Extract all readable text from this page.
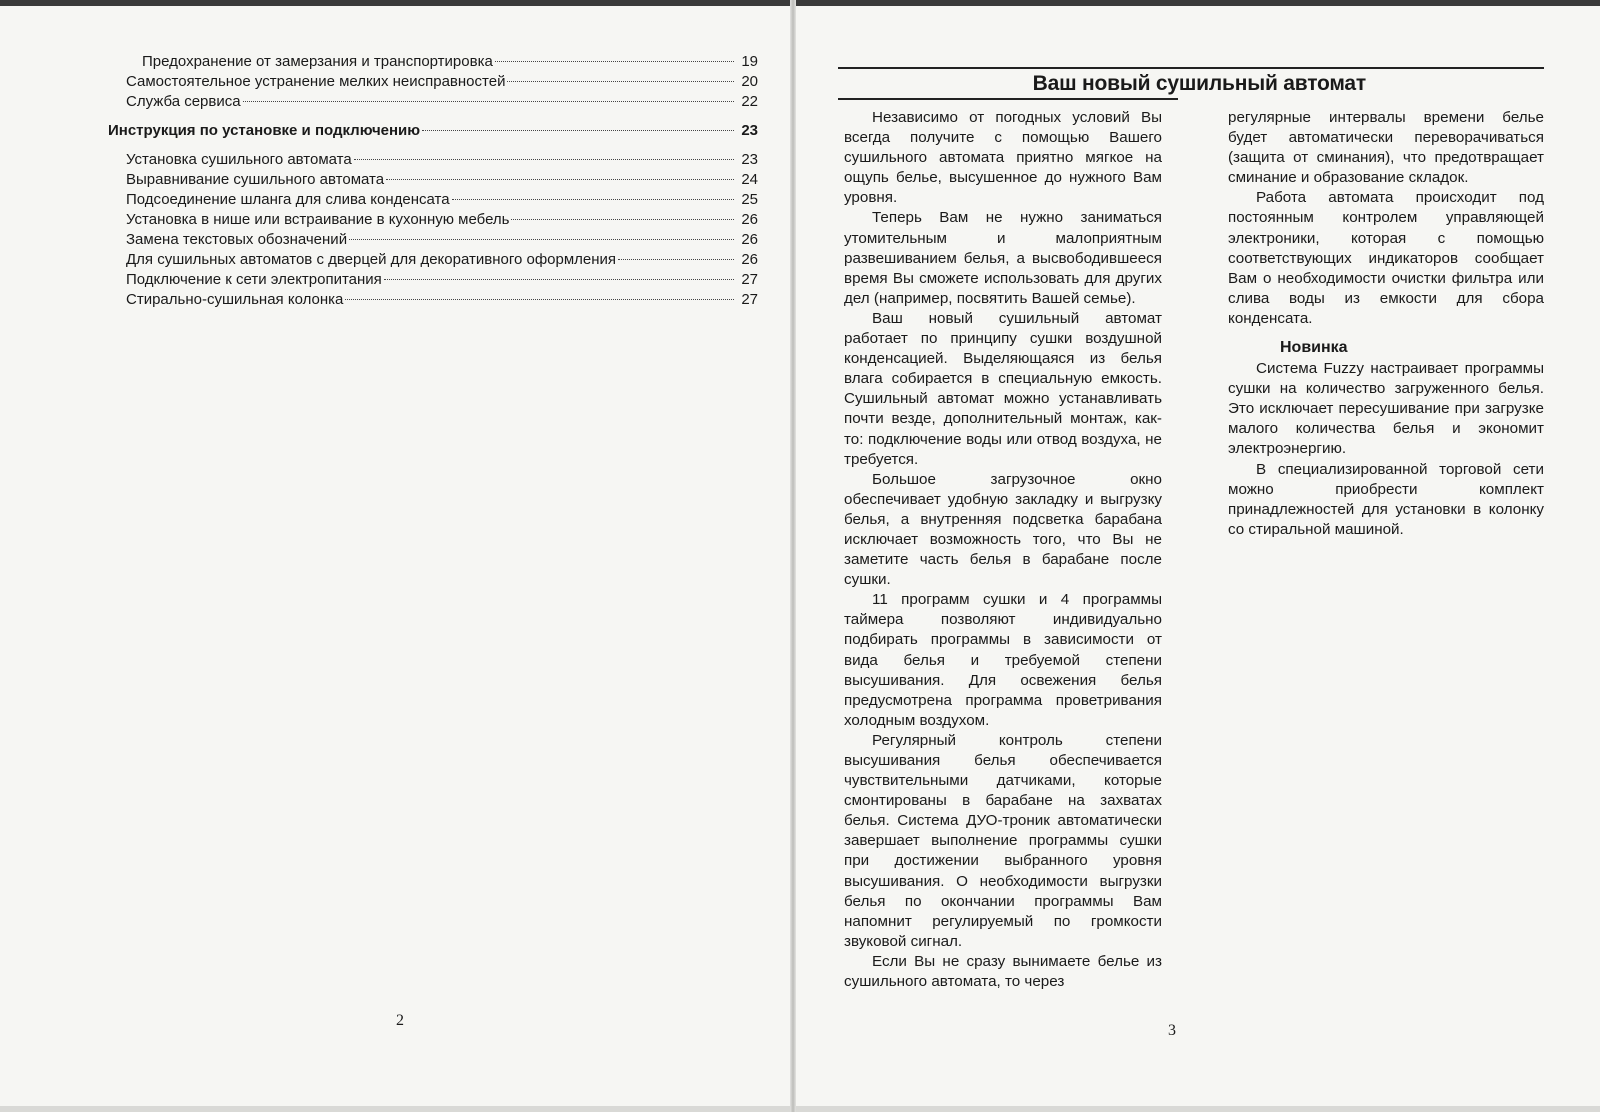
Предохранение от замерзания и транспортировка	19
Самостоятельное устранение мелких неисправностей	20
Служба сервиса	22
Инструкция по установке и подключению	23
Установка сушильного автомата	23
Выравнивание сушильного автомата	24
Подсоединение шланга для слива конденсата	25
Установка в нише или встраивание в кухонную мебель	26
Замена текстовых обозначений	26
Для сушильных автоматов с дверцей для декоративного оформления	26
Подключение к сети электропитания	27
Стирально-сушильная колонка	27
2
Ваш новый сушильный автомат

Независимо от погодных условий Вы всегда получите с помощью Вашего сушильного автомата приятно мягкое на ощупь белье, высушенное до нужного Вам уровня.

Теперь Вам не нужно заниматься утомительным и малоприятным развешиванием белья, а высвободившееся время Вы сможете использовать для других дел (например, посвятить Вашей семье).

Ваш новый сушильный автомат работает по принципу сушки воздушной конденсацией. Выделяющаяся из белья влага собирается в специальную емкость. Сушильный автомат можно устанавливать почти везде, дополнительный монтаж, как-то: подключение воды или отвод воздуха, не требуется.

Большое загрузочное окно обеспечивает удобную закладку и выгрузку белья, а внутренняя подсветка барабана исключает возможность того, что Вы не заметите часть белья в барабане после сушки.

11 программ сушки и 4 программы таймера позволяют индивидуально подбирать программы в зависимости от вида белья и требуемой степени высушивания. Для освежения белья предусмотрена программа проветривания холодным воздухом.

Регулярный контроль степени высушивания белья обеспечивается чувствительными датчиками, которые смонтированы в барабане на захватах белья. Система ДУО-троник автоматически завершает выполнение программы сушки при достижении выбранного уровня высушивания. О необходимости выгрузки белья по окончании программы Вам напомнит регулируемый по громкости звуковой сигнал.

Если Вы не сразу вынимаете белье из сушильного автомата, то через

регулярные интервалы времени белье будет автоматически переворачиваться (защита от сминания), что предотвращает сминание и образование складок.

Работа автомата происходит под постоянным контролем управляющей электроники, которая с помощью соответствующих индикаторов сообщает Вам о необходимости очистки фильтра или слива воды из емкости для сбора конденсата.

Новинка

Система Fuzzy настраивает программы сушки на количество загруженного белья. Это исключает пересушивание при загрузке малого количества белья и экономит электроэнергию.

В специализированной торговой сети можно приобрести комплект принадлежностей для установки в колонку со стиральной машиной.

3
